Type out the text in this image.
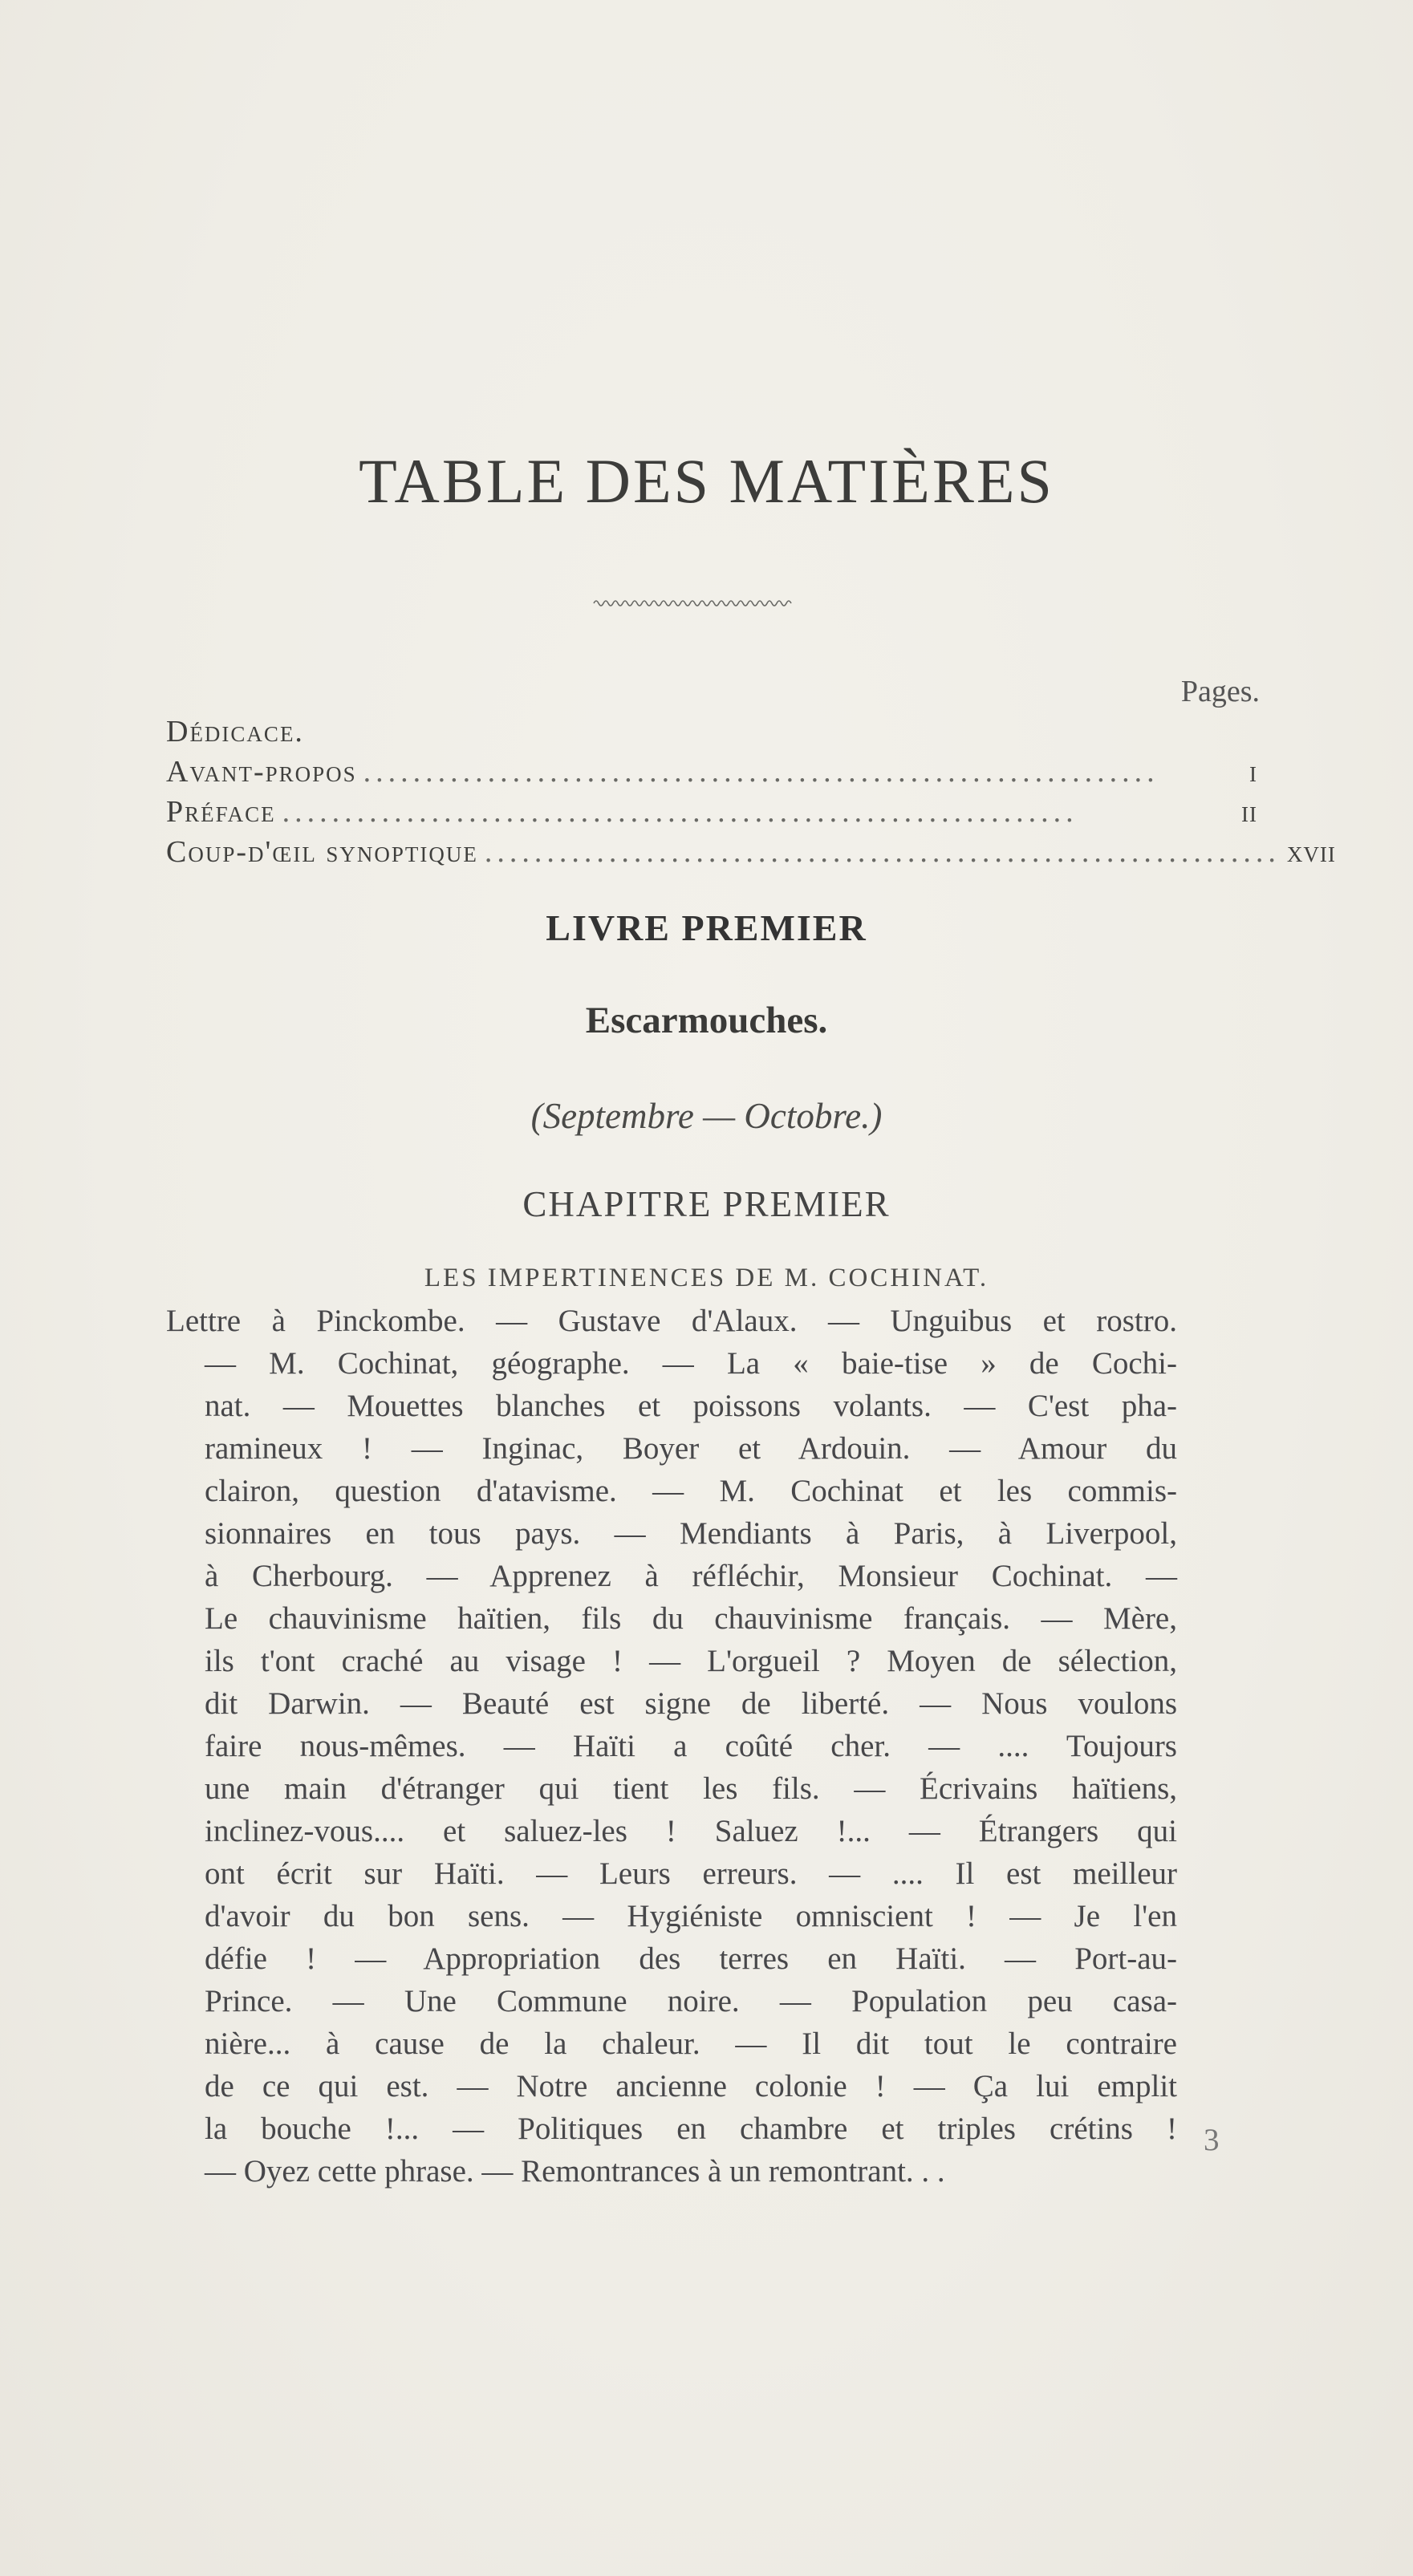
TABLE DES MATIÈRES
Pages.
Dédicace.
Avant-propos ................................................................	i
Préface ................................................................	ii
Coup-d'œil synoptique ................................................................ xvii
LIVRE PREMIER
Escarmouches.
(Septembre — Octobre.)
CHAPITRE PREMIER
LES IMPERTINENCES DE M. COCHINAT.
Lettre à Pinckombe. — Gustave d'Alaux. — Unguibus et rostro.
— M. Cochinat, géographe. — La « baie-tise » de Cochi-
nat. — Mouettes blanches et poissons volants. — C'est pha-
ramineux ! — Inginac, Boyer et Ardouin. — Amour du
clairon, question d'atavisme. — M. Cochinat et les commis-
sionnaires en tous pays. — Mendiants à Paris, à Liverpool,
à Cherbourg. — Apprenez à réfléchir, Monsieur Cochinat. —
Le chauvinisme haïtien, fils du chauvinisme français. — Mère,
ils t'ont craché au visage ! — L'orgueil ? Moyen de sélection,
dit Darwin. — Beauté est signe de liberté. — Nous voulons
faire nous-mêmes. — Haïti a coûté cher. — .... Toujours
une main d'étranger qui tient les fils. — Écrivains haïtiens,
inclinez-vous.... et saluez-les ! Saluez !... — Étrangers qui
ont écrit sur Haïti. — Leurs erreurs. — .... Il est meilleur
d'avoir du bon sens. — Hygiéniste omniscient ! — Je l'en
défie ! — Appropriation des terres en Haïti. — Port-au-
Prince. — Une Commune noire. — Population peu casa-
nière... à cause de la chaleur. — Il dit tout le contraire
de ce qui est. — Notre ancienne colonie ! — Ça lui emplit
la bouche !... — Politiques en chambre et triples crétins !
— Oyez cette phrase. — Remontrances à un remontrant. . .
3
